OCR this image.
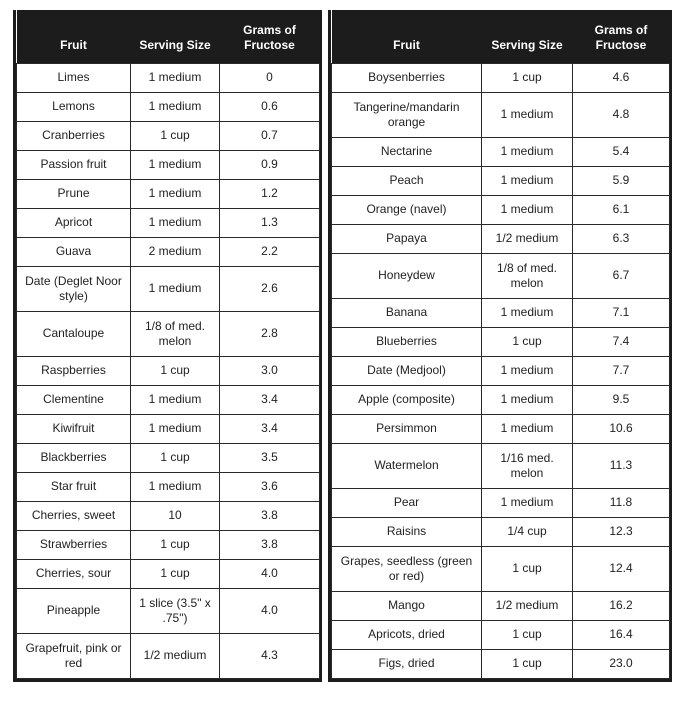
Fruit	Serving Size	Grams of Fructose
Limes	1 medium	0
Lemons	1 medium	0.6
Cranberries	1 cup	0.7
Passion fruit	1 medium	0.9
Prune	1 medium	1.2
Apricot	1 medium	1.3
Guava	2 medium	2.2
Date (Deglet Noor style)	1 medium	2.6
Cantaloupe	1/8 of med. melon	2.8
Raspberries	1 cup	3.0
Clementine	1 medium	3.4
Kiwifruit	1 medium	3.4
Blackberries	1 cup	3.5
Star fruit	1 medium	3.6
Cherries, sweet	10	3.8
Strawberries	1 cup	3.8
Cherries, sour	1 cup	4.0
Pineapple	1 slice (3.5" x .75")	4.0
Grapefruit, pink or red	1/2 medium	4.3
Fruit	Serving Size	Grams of Fructose
Boysenberries	1 cup	4.6
Tangerine/mandarin orange	1 medium	4.8
Nectarine	1 medium	5.4
Peach	1 medium	5.9
Orange (navel)	1 medium	6.1
Papaya	1/2 medium	6.3
Honeydew	1/8 of med. melon	6.7
Banana	1 medium	7.1
Blueberries	1 cup	7.4
Date (Medjool)	1 medium	7.7
Apple (composite)	1 medium	9.5
Persimmon	1 medium	10.6
Watermelon	1/16 med. melon	11.3
Pear	1 medium	11.8
Raisins	1/4 cup	12.3
Grapes, seedless (green or red)	1 cup	12.4
Mango	1/2 medium	16.2
Apricots, dried	1 cup	16.4
Figs, dried	1 cup	23.0
